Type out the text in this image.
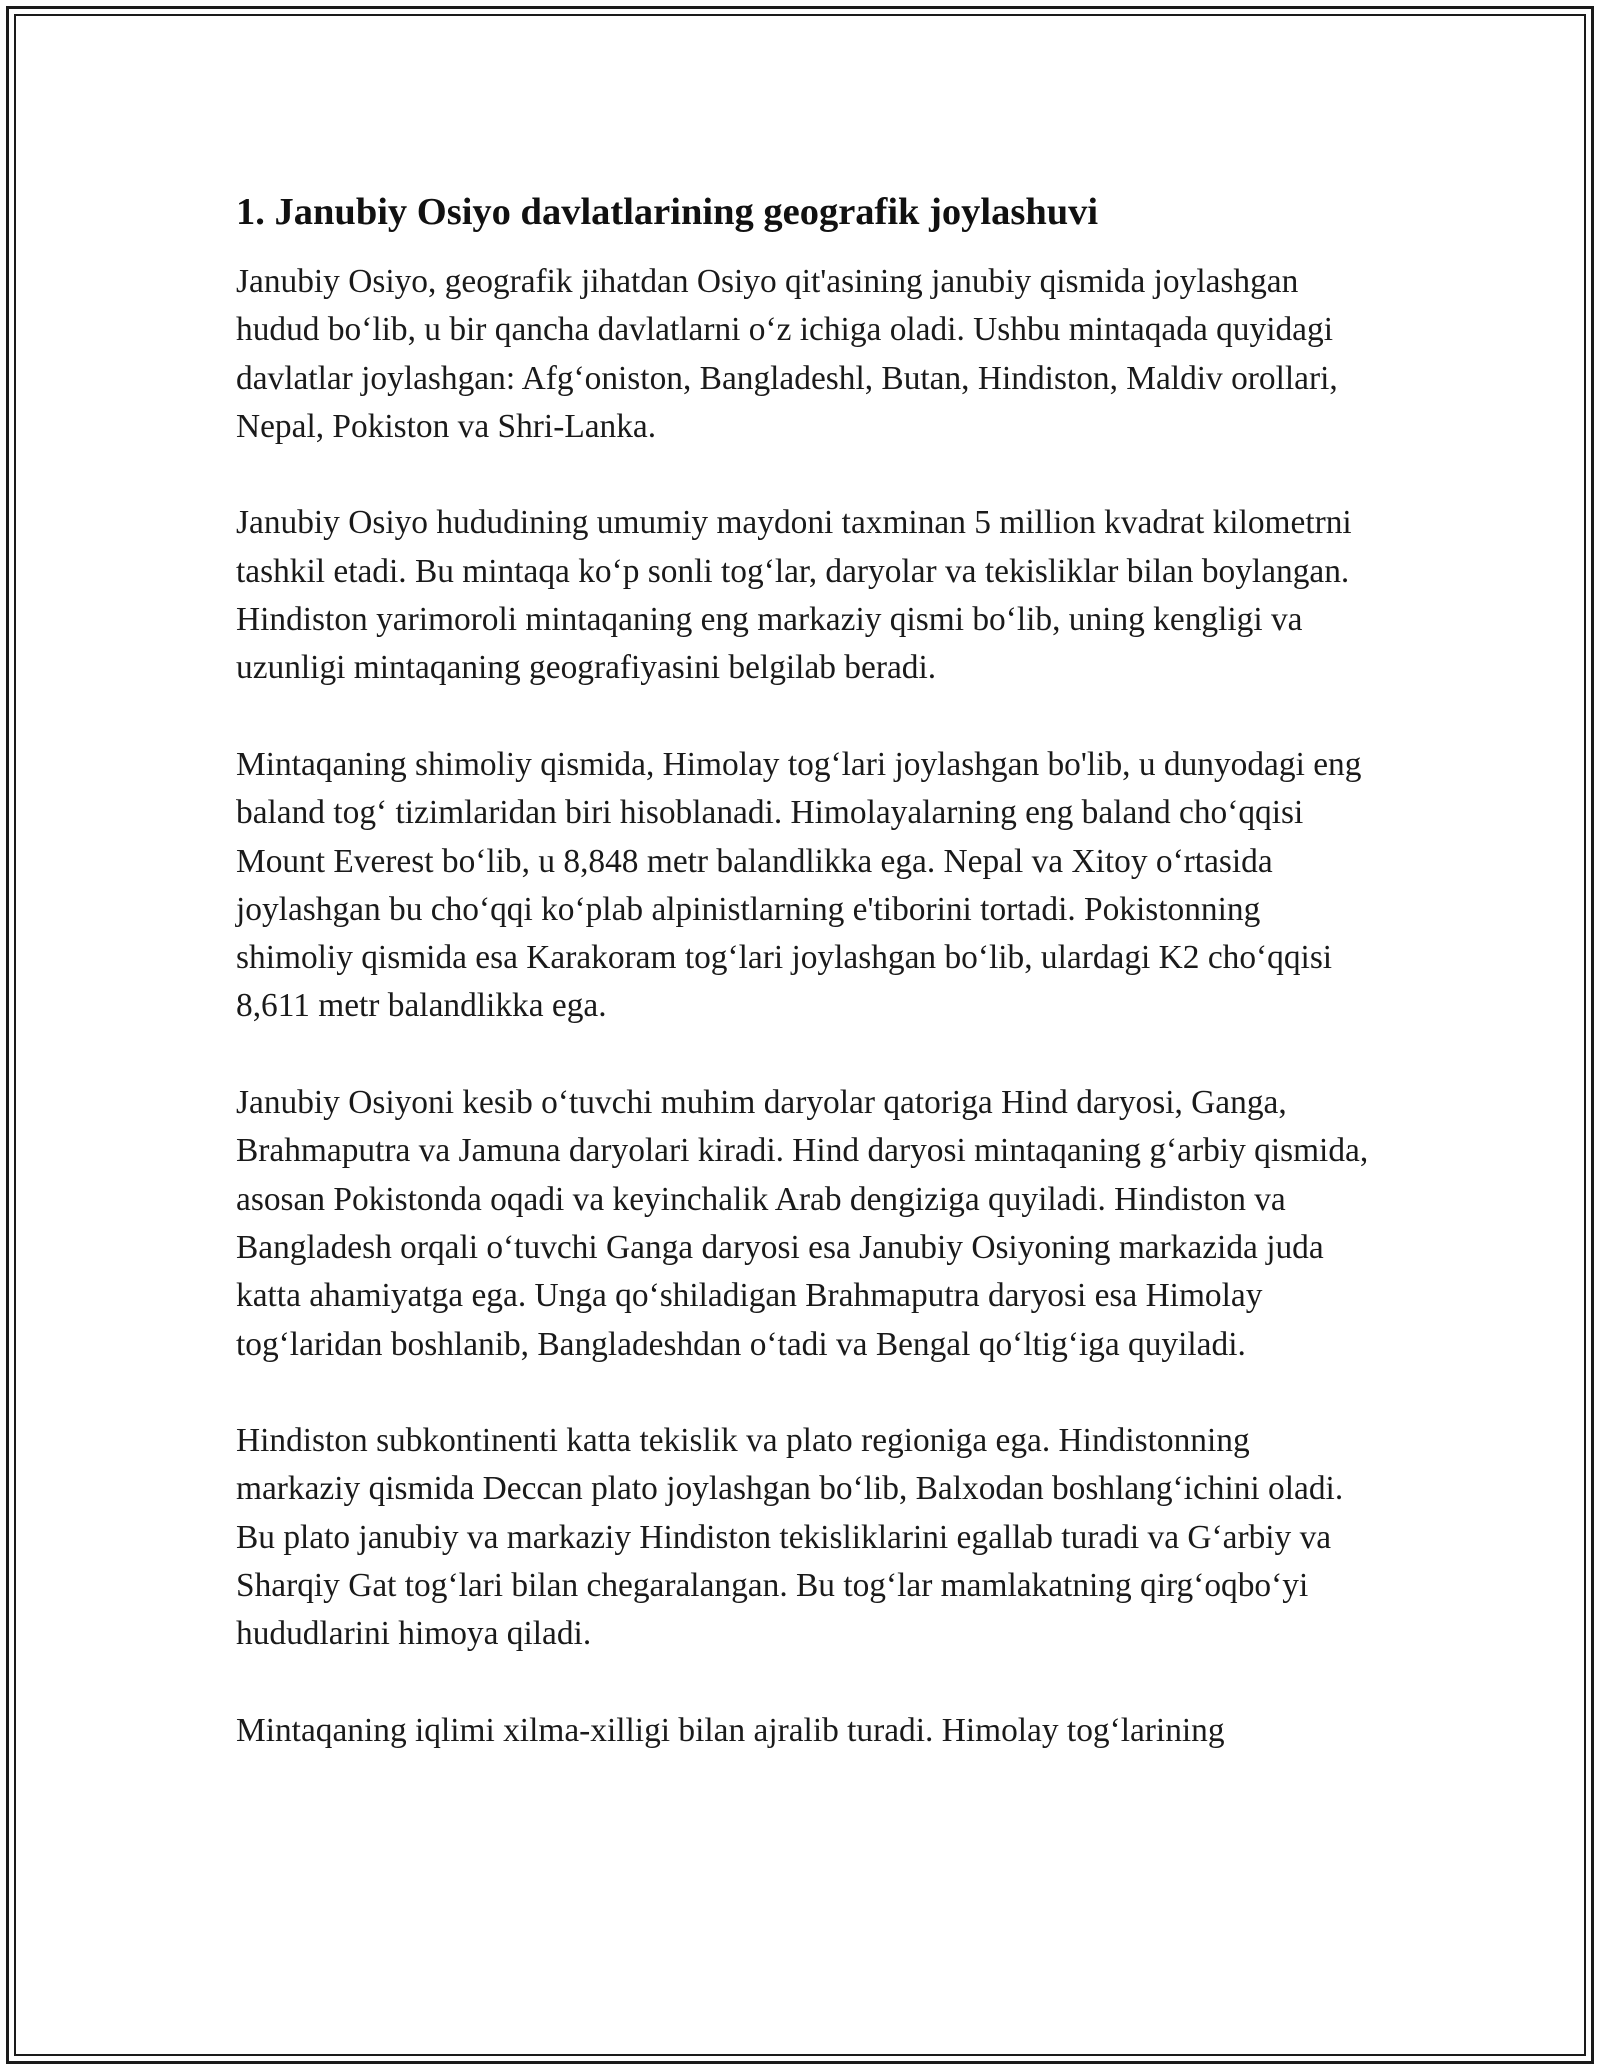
1. Janubiy Osiyo davlatlarining geografik joylashuvi

Janubiy Osiyo, geografik jihatdan Osiyo qit'asining janubiy qismida joylashgan hudud bo‘lib, u bir qancha davlatlarni o‘z ichiga oladi. Ushbu mintaqada quyidagi davlatlar joylashgan: Afg‘oniston, Bangladeshl, Butan, Hindiston, Maldiv orollari, Nepal, Pokiston va Shri-Lanka.

Janubiy Osiyo hududining umumiy maydoni taxminan 5 million kvadrat kilometrni tashkil etadi. Bu mintaqa ko‘p sonli tog‘lar, daryolar va tekisliklar bilan boylangan. Hindiston yarimoroli mintaqaning eng markaziy qismi bo‘lib, uning kengligi va uzunligi mintaqaning geografiyasini belgilab beradi.

Mintaqaning shimoliy qismida, Himolay tog‘lari joylashgan bo'lib, u dunyodagi eng baland tog‘ tizimlaridan biri hisoblanadi. Himolayalarning eng baland cho‘qqisi Mount Everest bo‘lib, u 8,848 metr balandlikka ega. Nepal va Xitoy o‘rtasida joylashgan bu cho‘qqi ko‘plab alpinistlarning e'tiborini tortadi. Pokistonning shimoliy qismida esa Karakoram tog‘lari joylashgan bo‘lib, ulardagi K2 cho‘qqisi 8,611 metr balandlikka ega.

Janubiy Osiyoni kesib o‘tuvchi muhim daryolar qatoriga Hind daryosi, Ganga, Brahmaputra va Jamuna daryolari kiradi. Hind daryosi mintaqaning g‘arbiy qismida, asosan Pokistonda oqadi va keyinchalik Arab dengiziga quyiladi. Hindiston va Bangladesh orqali o‘tuvchi Ganga daryosi esa Janubiy Osiyoning markazida juda katta ahamiyatga ega. Unga qo‘shiladigan Brahmaputra daryosi esa Himolay tog‘laridan boshlanib, Bangladeshdan o‘tadi va Bengal qo‘ltig‘iga quyiladi.

Hindiston subkontinenti katta tekislik va plato regioniga ega. Hindistonning markaziy qismida Deccan plato joylashgan bo‘lib, Balxodan boshlang‘ichini oladi. Bu plato janubiy va markaziy Hindiston tekisliklarini egallab turadi va G‘arbiy va Sharqiy Gat tog‘lari bilan chegaralangan. Bu tog‘lar mamlakatning qirg‘oqbo‘yi hududlarini himoya qiladi.

Mintaqaning iqlimi xilma-xilligi bilan ajralib turadi. Himolay tog‘larining
